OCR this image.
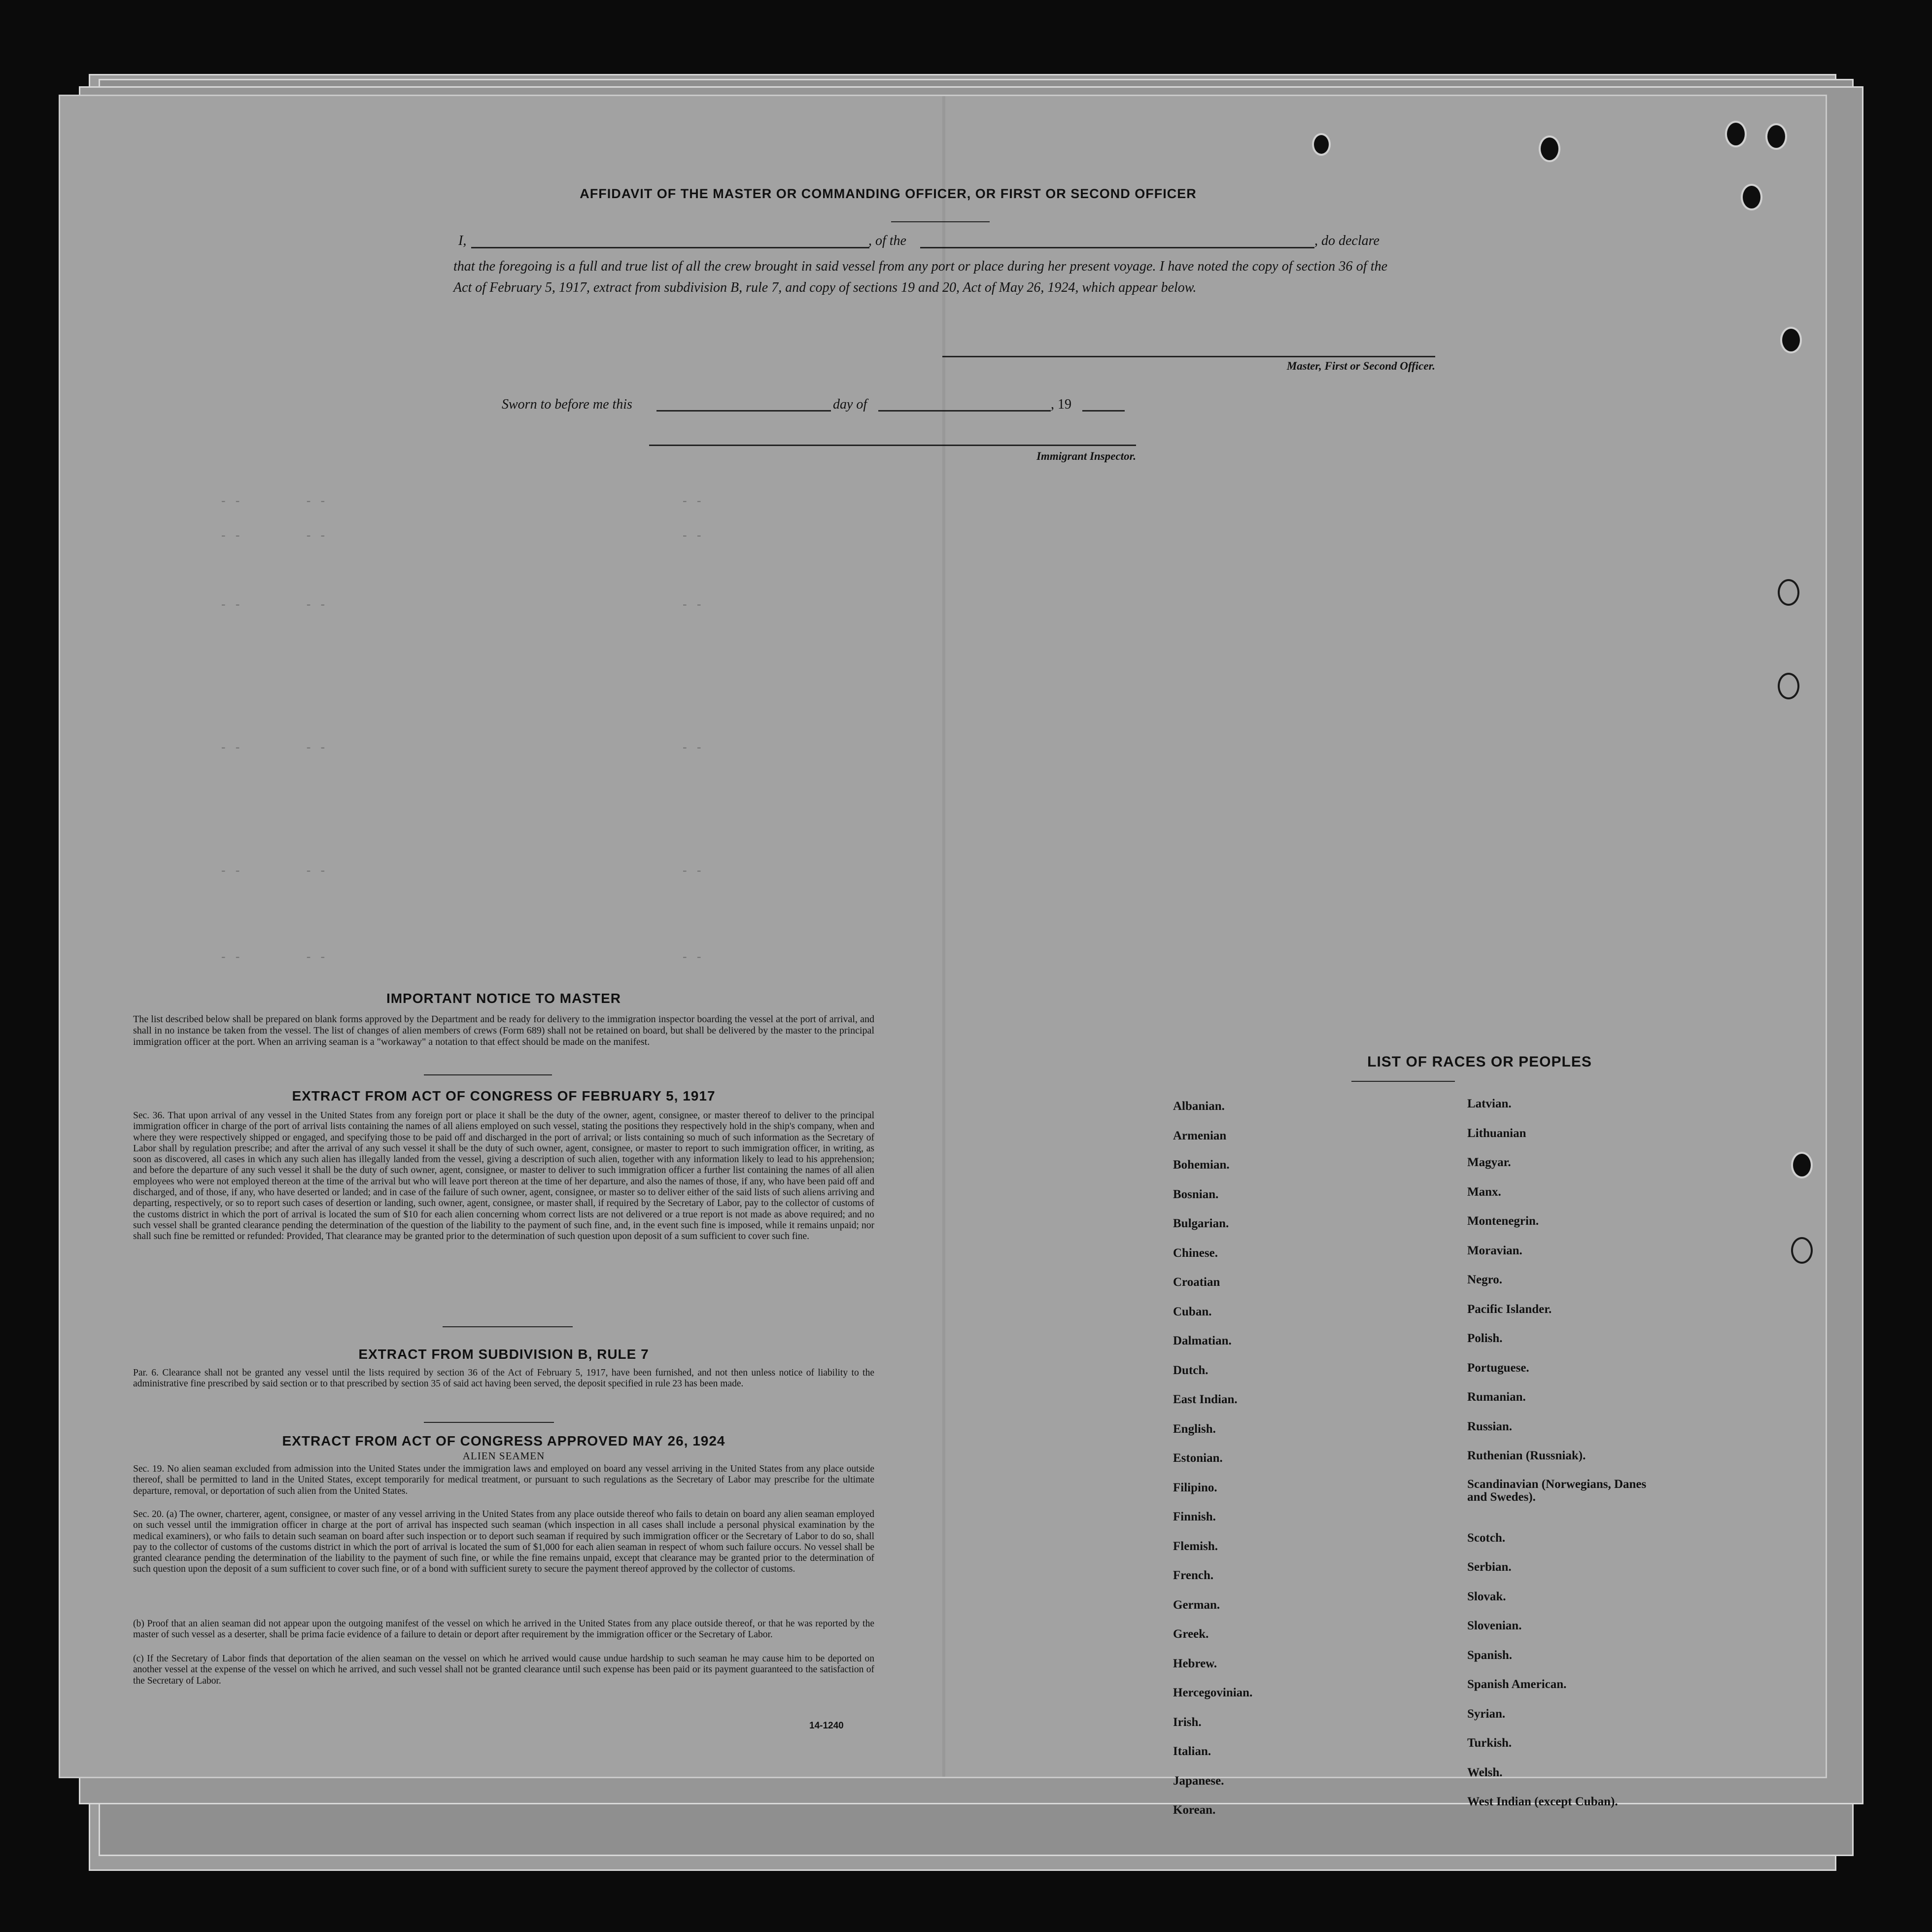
- -         - -                                                  - -
- -         - -                                                  - -
- -         - -                                                  - -
- -         - -                                                  - -
- -         - -                                                  - -
- -         - -                                                  - -
AFFIDAVIT OF THE MASTER OR COMMANDING OFFICER, OR FIRST OR SECOND OFFICER
I,	, of the	, do declare
that the foregoing is a full and true list of all the crew brought in said vessel from any port or place during her present voyage. I have noted the copy of section 36 of the Act of February 5, 1917, extract from subdivision B, rule 7, and copy of sections 19 and 20, Act of May 26, 1924, which appear below.
Master, First or Second Officer.
Sworn to before me this	day of	, 19
Immigrant Inspector.
IMPORTANT NOTICE TO MASTER
The list described below shall be prepared on blank forms approved by the Department and be ready for delivery to the immigration inspector boarding the vessel at the port of arrival, and shall in no instance be taken from the vessel. The list of changes of alien members of crews (Form 689) shall not be retained on board, but shall be delivered by the master to the principal immigration officer at the port. When an arriving seaman is a "workaway" a notation to that effect should be made on the manifest.
EXTRACT FROM ACT OF CONGRESS OF FEBRUARY 5, 1917
Sec. 36. That upon arrival of any vessel in the United States from any foreign port or place it shall be the duty of the owner, agent, consignee, or master thereof to deliver to the principal immigration officer in charge of the port of arrival lists containing the names of all aliens employed on such vessel, stating the positions they respectively hold in the ship's company, when and where they were respectively shipped or engaged, and specifying those to be paid off and discharged in the port of arrival; or lists containing so much of such information as the Secretary of Labor shall by regulation prescribe; and after the arrival of any such vessel it shall be the duty of such owner, agent, consignee, or master to report to such immigration officer, in writing, as soon as discovered, all cases in which any such alien has illegally landed from the vessel, giving a description of such alien, together with any information likely to lead to his apprehension; and before the departure of any such vessel it shall be the duty of such owner, agent, consignee, or master to deliver to such immigration officer a further list containing the names of all alien employees who were not employed thereon at the time of the arrival but who will leave port thereon at the time of her departure, and also the names of those, if any, who have been paid off and discharged, and of those, if any, who have deserted or landed; and in case of the failure of such owner, agent, consignee, or master so to deliver either of the said lists of such aliens arriving and departing, respectively, or so to report such cases of desertion or landing, such owner, agent, consignee, or master shall, if required by the Secretary of Labor, pay to the collector of customs of the customs district in which the port of arrival is located the sum of $10 for each alien concerning whom correct lists are not delivered or a true report is not made as above required; and no such vessel shall be granted clearance pending the determination of the question of the liability to the payment of such fine, and, in the event such fine is imposed, while it remains unpaid; nor shall such fine be remitted or refunded: Provided, That clearance may be granted prior to the determination of such question upon deposit of a sum sufficient to cover such fine.
EXTRACT FROM SUBDIVISION B, RULE 7
Par. 6. Clearance shall not be granted any vessel until the lists required by section 36 of the Act of February 5, 1917, have been furnished, and not then unless notice of liability to the administrative fine prescribed by said section or to that prescribed by section 35 of said act having been served, the deposit specified in rule 23 has been made.
EXTRACT FROM ACT OF CONGRESS APPROVED MAY 26, 1924
ALIEN SEAMEN
Sec. 19. No alien seaman excluded from admission into the United States under the immigration laws and employed on board any vessel arriving in the United States from any place outside thereof, shall be permitted to land in the United States, except temporarily for medical treatment, or pursuant to such regulations as the Secretary of Labor may prescribe for the ultimate departure, removal, or deportation of such alien from the United States.
Sec. 20. (a) The owner, charterer, agent, consignee, or master of any vessel arriving in the United States from any place outside thereof who fails to detain on board any alien seaman employed on such vessel until the immigration officer in charge at the port of arrival has inspected such seaman (which inspection in all cases shall include a personal physical examination by the medical examiners), or who fails to detain such seaman on board after such inspection or to deport such seaman if required by such immigration officer or the Secretary of Labor to do so, shall pay to the collector of customs of the customs district in which the port of arrival is located the sum of $1,000 for each alien seaman in respect of whom such failure occurs. No vessel shall be granted clearance pending the determination of the liability to the payment of such fine, or while the fine remains unpaid, except that clearance may be granted prior to the determination of such question upon the deposit of a sum sufficient to cover such fine, or of a bond with sufficient surety to secure the payment thereof approved by the collector of customs.
(b) Proof that an alien seaman did not appear upon the outgoing manifest of the vessel on which he arrived in the United States from any place outside thereof, or that he was reported by the master of such vessel as a deserter, shall be prima facie evidence of a failure to detain or deport after requirement by the immigration officer or the Secretary of Labor.
(c) If the Secretary of Labor finds that deportation of the alien seaman on the vessel on which he arrived would cause undue hardship to such seaman he may cause him to be deported on another vessel at the expense of the vessel on which he arrived, and such vessel shall not be granted clearance until such expense has been paid or its payment guaranteed to the satisfaction of the Secretary of Labor.
14-1240
LIST OF RACES OR PEOPLES
Albanian.
Armenian
Bohemian.
Bosnian.
Bulgarian.
Chinese.
Croatian
Cuban.
Dalmatian.
Dutch.
East Indian.
English.
Estonian.
Filipino.
Finnish.
Flemish.
French.
German.
Greek.
Hebrew.
Hercegovinian.
Irish.
Italian.
Japanese.
Korean.
Latvian.
Lithuanian
Magyar.
Manx.
Montenegrin.
Moravian.
Negro.
Pacific Islander.
Polish.
Portuguese.
Rumanian.
Russian.
Ruthenian (Russniak).
Scandinavian (Norwegians, Danes and Swedes).
Scotch.
Serbian.
Slovak.
Slovenian.
Spanish.
Spanish American.
Syrian.
Turkish.
Welsh.
West Indian (except Cuban).
